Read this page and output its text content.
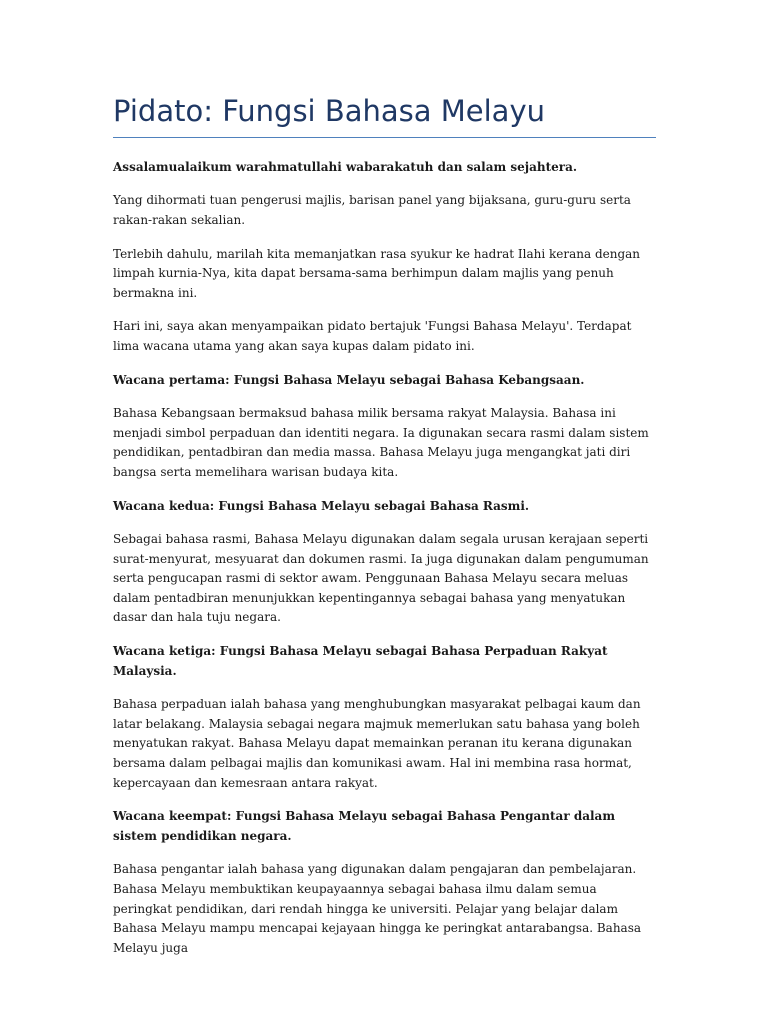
Pidato: Fungsi Bahasa Melayu

Assalamualaikum warahmatullahi wabarakatuh dan salam sejahtera.

Yang dihormati tuan pengerusi majlis, barisan panel yang bijaksana, guru-guru serta rakan-rakan sekalian.

Terlebih dahulu, marilah kita memanjatkan rasa syukur ke hadrat Ilahi kerana dengan limpah kurnia-Nya, kita dapat bersama-sama berhimpun dalam majlis yang penuh bermakna ini.

Hari ini, saya akan menyampaikan pidato bertajuk 'Fungsi Bahasa Melayu'. Terdapat lima wacana utama yang akan saya kupas dalam pidato ini.

Wacana pertama: Fungsi Bahasa Melayu sebagai Bahasa Kebangsaan.

Bahasa Kebangsaan bermaksud bahasa milik bersama rakyat Malaysia. Bahasa ini menjadi simbol perpaduan dan identiti negara. Ia digunakan secara rasmi dalam sistem pendidikan, pentadbiran dan media massa. Bahasa Melayu juga mengangkat jati diri bangsa serta memelihara warisan budaya kita.

Wacana kedua: Fungsi Bahasa Melayu sebagai Bahasa Rasmi.

Sebagai bahasa rasmi, Bahasa Melayu digunakan dalam segala urusan kerajaan seperti surat-menyurat, mesyuarat dan dokumen rasmi. Ia juga digunakan dalam pengumuman serta pengucapan rasmi di sektor awam. Penggunaan Bahasa Melayu secara meluas dalam pentadbiran menunjukkan kepentingannya sebagai bahasa yang menyatukan dasar dan hala tuju negara.

Wacana ketiga: Fungsi Bahasa Melayu sebagai Bahasa Perpaduan Rakyat Malaysia.

Bahasa perpaduan ialah bahasa yang menghubungkan masyarakat pelbagai kaum dan latar belakang. Malaysia sebagai negara majmuk memerlukan satu bahasa yang boleh menyatukan rakyat. Bahasa Melayu dapat memainkan peranan itu kerana digunakan bersama dalam pelbagai majlis dan komunikasi awam. Hal ini membina rasa hormat, kepercayaan dan kemesraan antara rakyat.

Wacana keempat: Fungsi Bahasa Melayu sebagai Bahasa Pengantar dalam sistem pendidikan negara.

Bahasa pengantar ialah bahasa yang digunakan dalam pengajaran dan pembelajaran. Bahasa Melayu membuktikan keupayaannya sebagai bahasa ilmu dalam semua peringkat pendidikan, dari rendah hingga ke universiti. Pelajar yang belajar dalam Bahasa Melayu mampu mencapai kejayaan hingga ke peringkat antarabangsa. Bahasa Melayu juga
